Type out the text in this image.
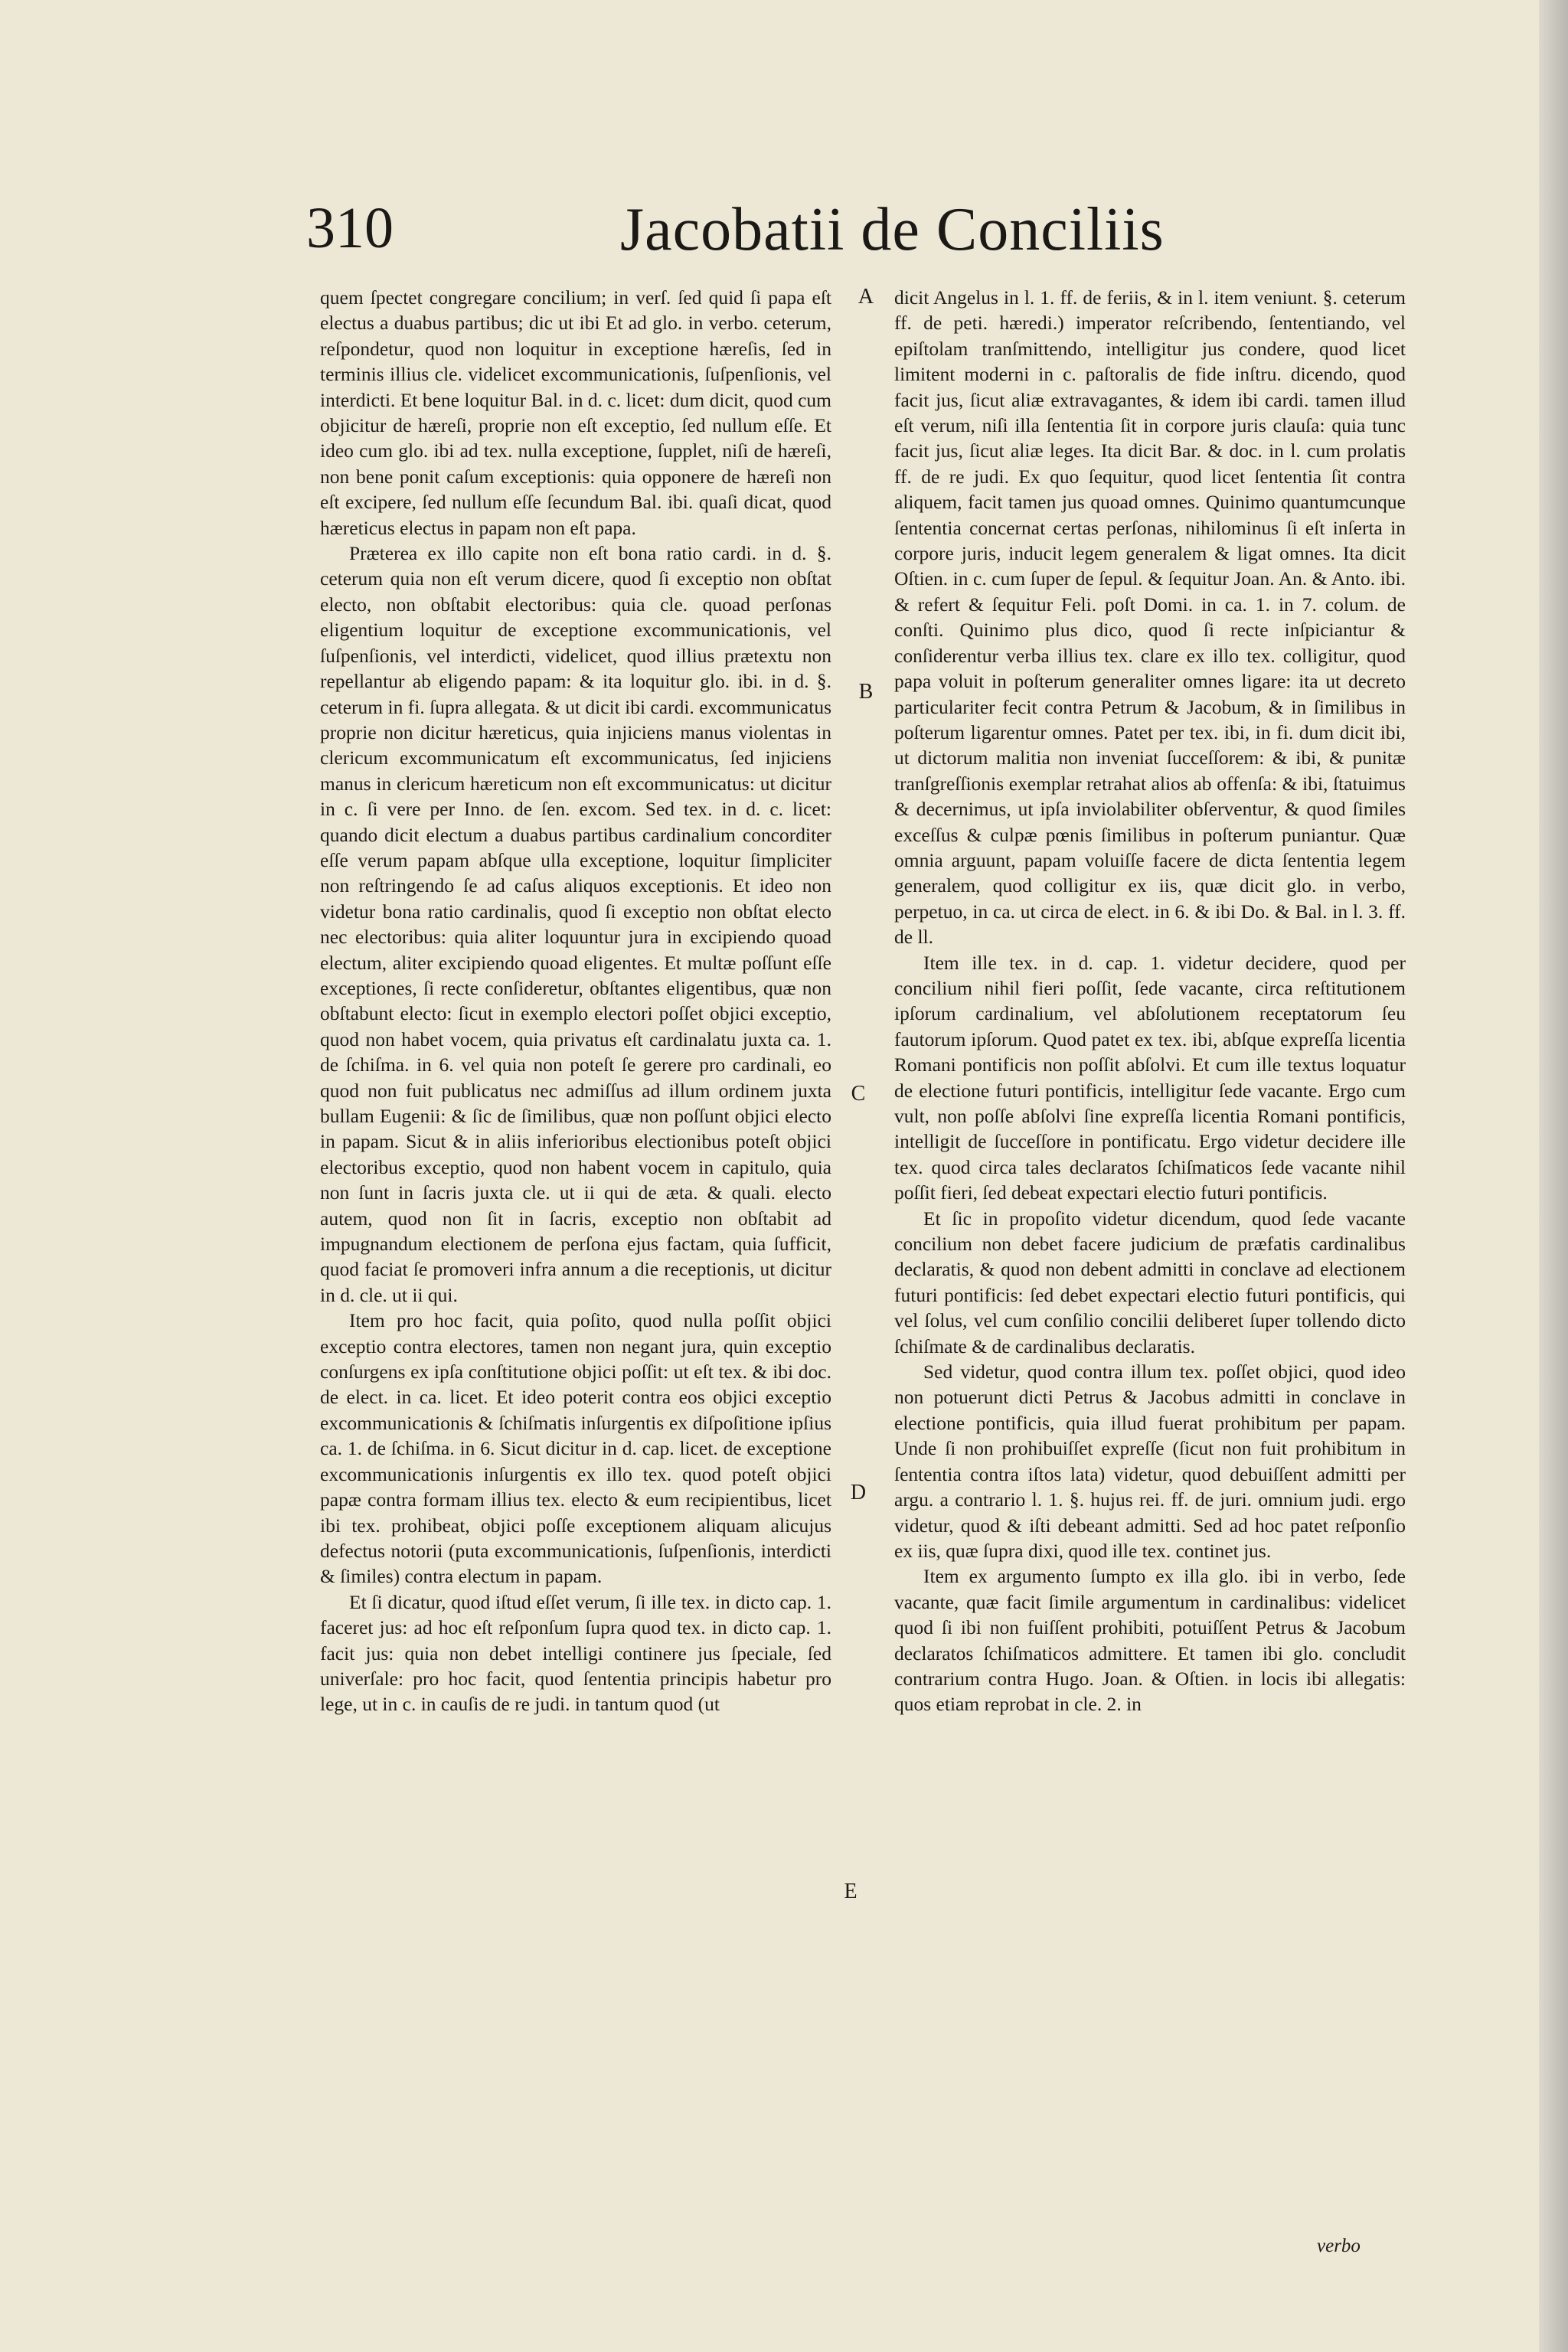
310	Jacobatii de Conciliis

quem ſpectet congregare concilium; in verſ. ſed quid ſi papa eſt electus a duabus partibus; dic ut ibi Et ad glo. in verbo. ceterum, reſpondetur, quod non loquitur in exceptione hæreſis, ſed in terminis illius cle. videlicet excommunicationis, ſuſpenſionis, vel interdicti. Et bene loquitur Bal. in d. c. licet: dum dicit, quod cum objicitur de hæreſi, proprie non eſt exceptio, ſed nullum eſſe. Et ideo cum glo. ibi ad tex. nulla exceptione, ſupplet, niſi de hæreſi, non bene ponit caſum exceptionis: quia opponere de hæreſi non eſt excipere, ſed nullum eſſe ſecundum Bal. ibi. quaſi dicat, quod hæreticus electus in papam non eſt papa.

Præterea ex illo capite non eſt bona ratio cardi. in d. §. ceterum quia non eſt verum dicere, quod ſi exceptio non obſtat electo, non obſtabit electoribus: quia cle. quoad perſonas eligentium loquitur de exceptione excommunicationis, vel ſuſpenſionis, vel interdicti, videlicet, quod illius prætextu non repellantur ab eligendo papam: & ita loquitur glo. ibi. in d. §. ceterum in fi. ſupra allegata. & ut dicit ibi cardi. excommunicatus proprie non dicitur hæreticus, quia injiciens manus violentas in clericum excommunicatum eſt excommunicatus, ſed injiciens manus in clericum hæreticum non eſt excommunicatus: ut dicitur in c. ſi vere per Inno. de ſen. excom. Sed tex. in d. c. licet: quando dicit electum a duabus partibus cardinalium concorditer eſſe verum papam abſque ulla exceptione, loquitur ſimpliciter non reſtringendo ſe ad caſus aliquos exceptionis. Et ideo non videtur bona ratio cardinalis, quod ſi exceptio non obſtat electo nec electoribus: quia aliter loquuntur jura in excipiendo quoad electum, aliter excipiendo quoad eligentes. Et multæ poſſunt eſſe exceptiones, ſi recte conſideretur, obſtantes eligentibus, quæ non obſtabunt electo: ſicut in exemplo electori poſſet objici exceptio, quod non habet vocem, quia privatus eſt cardinalatu juxta ca. 1. de ſchiſma. in 6. vel quia non poteſt ſe gerere pro cardinali, eo quod non fuit publicatus nec admiſſus ad illum ordinem juxta bullam Eugenii: & ſic de ſimilibus, quæ non poſſunt objici electo in papam. Sicut & in aliis inferioribus electionibus poteſt objici electoribus exceptio, quod non habent vocem in capitulo, quia non ſunt in ſacris juxta cle. ut ii qui de æta. & quali. electo autem, quod non ſit in ſacris, exceptio non obſtabit ad impugnandum electionem de perſona ejus factam, quia ſufficit, quod faciat ſe promoveri infra annum a die receptionis, ut dicitur in d. cle. ut ii qui.

Item pro hoc facit, quia poſito, quod nulla poſſit objici exceptio contra electores, tamen non negant jura, quin exceptio conſurgens ex ipſa conſtitutione objici poſſit: ut eſt tex. & ibi doc. de elect. in ca. licet. Et ideo poterit contra eos objici exceptio excommunicationis & ſchiſmatis inſurgentis ex diſpoſitione ipſius ca. 1. de ſchiſma. in 6. Sicut dicitur in d. cap. licet. de exceptione excommunicationis inſurgentis ex illo tex. quod poteſt objici papæ contra formam illius tex. electo & eum recipientibus, licet ibi tex. prohibeat, objici poſſe exceptionem aliquam alicujus defectus notorii (puta excommunicationis, ſuſpenſionis, interdicti & ſimiles) contra electum in papam.

Et ſi dicatur, quod iſtud eſſet verum, ſi ille tex. in dicto cap. 1. faceret jus: ad hoc eſt reſponſum ſupra quod tex. in dicto cap. 1. facit jus: quia non debet intelligi continere jus ſpeciale, ſed univerſale: pro hoc facit, quod ſententia principis habetur pro lege, ut in c. in cauſis de re judi. in tantum quod (ut

A
B
C
D
E

dicit Angelus in l. 1. ff. de feriis, & in l. item veniunt. §. ceterum ff. de peti. hæredi.) imperator reſcribendo, ſententiando, vel epiſtolam tranſmittendo, intelligitur jus condere, quod licet limitent moderni in c. paſtoralis de fide inſtru. dicendo, quod facit jus, ſicut aliæ extravagantes, & idem ibi cardi. tamen illud eſt verum, niſi illa ſententia ſit in corpore juris clauſa: quia tunc facit jus, ſicut aliæ leges. Ita dicit Bar. & doc. in l. cum prolatis ff. de re judi. Ex quo ſequitur, quod licet ſententia ſit contra aliquem, facit tamen jus quoad omnes. Quinimo quantumcunque ſententia concernat certas perſonas, nihilominus ſi eſt inſerta in corpore juris, inducit legem generalem & ligat omnes. Ita dicit Oſtien. in c. cum ſuper de ſepul. & ſequitur Joan. An. & Anto. ibi. & refert & ſequitur Feli. poſt Domi. in ca. 1. in 7. colum. de conſti. Quinimo plus dico, quod ſi recte inſpiciantur & conſiderentur verba illius tex. clare ex illo tex. colligitur, quod papa voluit in poſterum generaliter omnes ligare: ita ut decreto particulariter fecit contra Petrum & Jacobum, & in ſimilibus in poſterum ligarentur omnes. Patet per tex. ibi, in fi. dum dicit ibi, ut dictorum malitia non inveniat ſucceſſorem: & ibi, & punitæ tranſgreſſionis exemplar retrahat alios ab offenſa: & ibi, ſtatuimus & decernimus, ut ipſa inviolabiliter obſerventur, & quod ſimiles exceſſus & culpæ pœnis ſimilibus in poſterum puniantur. Quæ omnia arguunt, papam voluiſſe facere de dicta ſententia legem generalem, quod colligitur ex iis, quæ dicit glo. in verbo, perpetuo, in ca. ut circa de elect. in 6. & ibi Do. & Bal. in l. 3. ff. de ll.

Item ille tex. in d. cap. 1. videtur decidere, quod per concilium nihil fieri poſſit, ſede vacante, circa reſtitutionem ipſorum cardinalium, vel abſolutionem receptatorum ſeu fautorum ipſorum. Quod patet ex tex. ibi, abſque expreſſa licentia Romani pontificis non poſſit abſolvi. Et cum ille textus loquatur de electione futuri pontificis, intelligitur ſede vacante. Ergo cum vult, non poſſe abſolvi ſine expreſſa licentia Romani pontificis, intelligit de ſucceſſore in pontificatu. Ergo videtur decidere ille tex. quod circa tales declaratos ſchiſmaticos ſede vacante nihil poſſit fieri, ſed debeat expectari electio futuri pontificis.

Et ſic in propoſito videtur dicendum, quod ſede vacante concilium non debet facere judicium de præfatis cardinalibus declaratis, & quod non debent admitti in conclave ad electionem futuri pontificis: ſed debet expectari electio futuri pontificis, qui vel ſolus, vel cum conſilio concilii deliberet ſuper tollendo dicto ſchiſmate & de cardinalibus declaratis.

Sed videtur, quod contra illum tex. poſſet objici, quod ideo non potuerunt dicti Petrus & Jacobus admitti in conclave in electione pontificis, quia illud fuerat prohibitum per papam. Unde ſi non prohibuiſſet expreſſe (ſicut non fuit prohibitum in ſententia contra iſtos lata) videtur, quod debuiſſent admitti per argu. a contrario l. 1. §. hujus rei. ff. de juri. omnium judi. ergo videtur, quod & iſti debeant admitti. Sed ad hoc patet reſponſio ex iis, quæ ſupra dixi, quod ille tex. continet jus.

Item ex argumento ſumpto ex illa glo. ibi in verbo, ſede vacante, quæ facit ſimile argumentum in cardinalibus: videlicet quod ſi ibi non fuiſſent prohibiti, potuiſſent Petrus & Jacobum declaratos ſchiſmaticos admittere. Et tamen ibi glo. concludit contrarium contra Hugo. Joan. & Oſtien. in locis ibi allegatis: quos etiam reprobat in cle. 2. in

verbo
